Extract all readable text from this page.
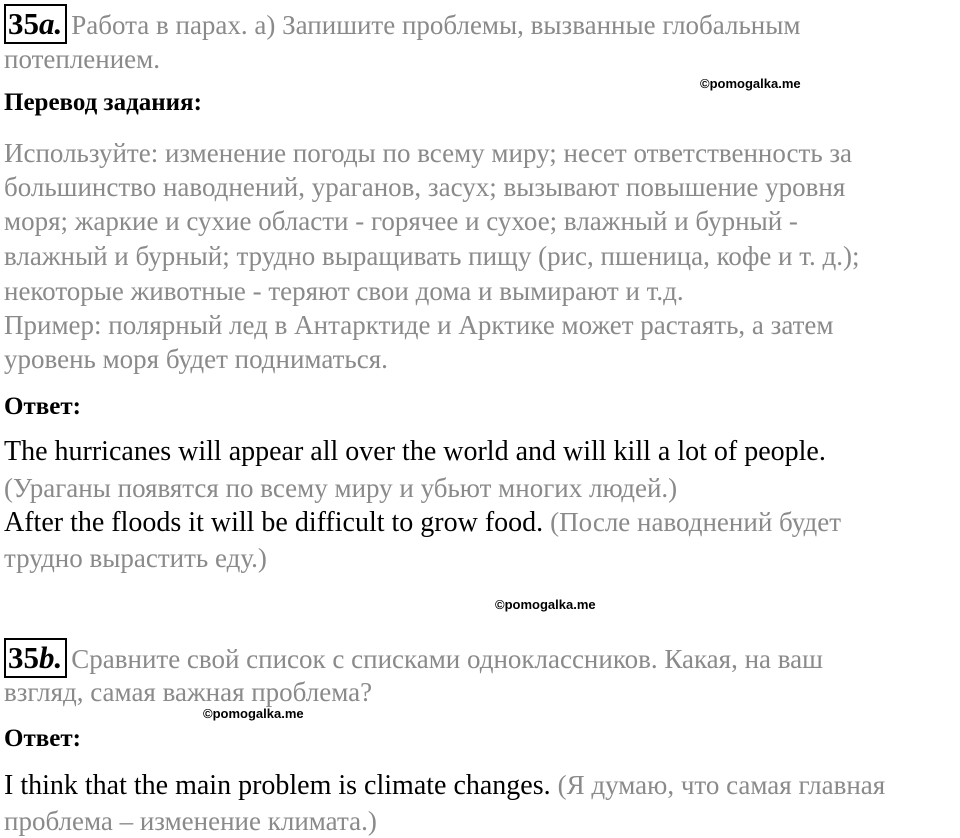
35a. Работа в парах. а) Запишите проблемы, вызванные глобальным
потеплением.
©pomogalka.me
Перевод задания:
Используйте: изменение погоды по всему миру; несет ответственность за
большинство наводнений, ураганов, засух; вызывают повышение уровня
моря; жаркие и сухие области - горячее и сухое; влажный и бурный -
влажный и бурный; трудно выращивать пищу (рис, пшеница, кофе и т. д.);
некоторые животные - теряют свои дома и вымирают и т.д.
Пример: полярный лед в Антарктиде и Арктике может растаять, а затем
уровень моря будет подниматься.
Ответ:
The hurricanes will appear all over the world and will kill a lot of people.
(Ураганы появятся по всему миру и убьют многих людей.)
After the floods it will be difficult to grow food. (После наводнений будет
трудно вырастить еду.)
©pomogalka.me
35b. Сравните свой список с списками одноклассников. Какая, на ваш
взгляд, самая важная проблема?
©pomogalka.me
Ответ:
I think that the main problem is climate changes. (Я думаю, что самая главная
проблема – изменение климата.)
